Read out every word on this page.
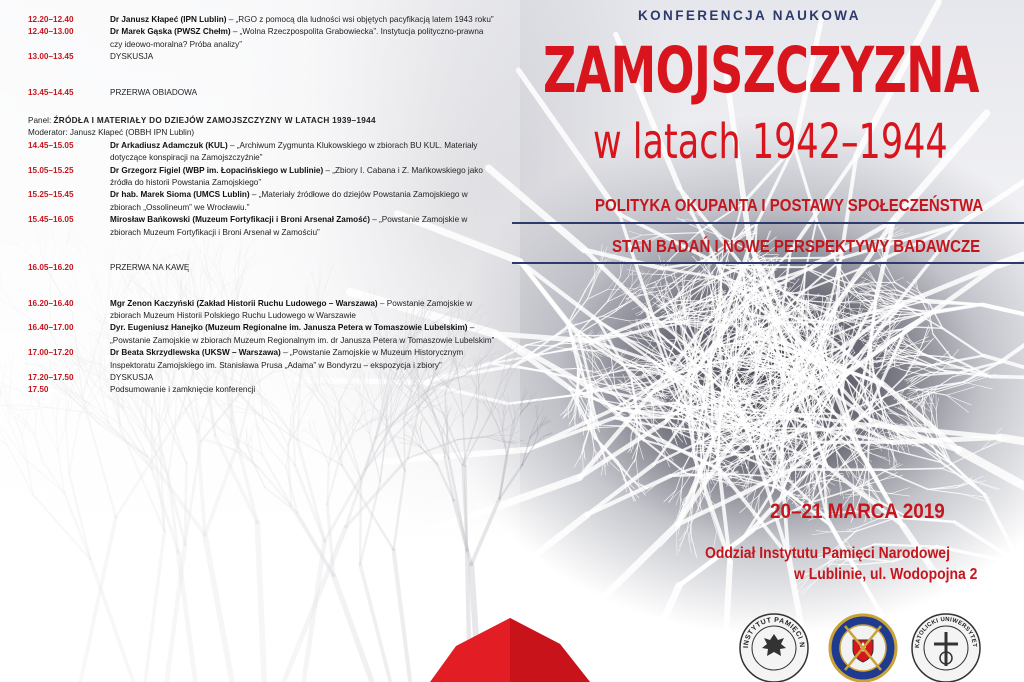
12.20–12.40	Dr Janusz Kłapeć (IPN Lublin) – „RGO z pomocą dla ludności wsi objętych pacyfikacją latem 1943 roku”
12.40–13.00	Dr Marek Gąska (PWSZ Chełm) – „Wolna Rzeczpospolita Grabowiecka”. Instytucja polityczno-prawna czy ideowo-moralna? Próba analizy”
13.00–13.45	DYSKUSJA
13.45–14.45	PRZERWA OBIADOWA
Panel: ŹRÓDŁA I MATERIAŁY DO DZIEJÓW ZAMOJSZCZYZNY W LATACH 1939–1944
Moderator: Janusz Kłapeć (OBBH IPN Lublin)
14.45–15.05	Dr Arkadiusz Adamczuk (KUL) – „Archiwum Zygmunta Klukowskiego w zbiorach BU KUL. Materiały dotyczące konspiracji na Zamojszczyźnie”
15.05–15.25	Dr Grzegorz Figiel (WBP im. Łopacińskiego w Lublinie) – „Zbiory I. Cabana i Z. Mańkowskiego jako źródła do historii Powstania Zamojskiego”
15.25–15.45	Dr hab. Marek Sioma (UMCS Lublin) – „Materiały źródłowe do dziejów Powstania Zamojskiego w zbiorach „Ossolineum” we Wrocławiu.”
15.45–16.05	Mirosław Bańkowski (Muzeum Fortyfikacji i Broni Arsenał Zamość) – „Powstanie Zamojskie w zbiorach Muzeum Fortyfikacji i Broni Arsenał w Zamościu”
16.05–16.20	PRZERWA NA KAWĘ
16.20–16.40	Mgr Zenon Kaczyński (Zakład Historii Ruchu Ludowego – Warszawa) – Powstanie Zamojskie w zbiorach Muzeum Historii Polskiego Ruchu Ludowego w Warszawie
16.40–17.00	Dyr. Eugeniusz Hanejko (Muzeum Regionalne im. Janusza Petera w Tomaszowie Lubelskim) – „Powstanie Zamojskie w zbiorach Muzeum Regionalnym im. dr Janusza Petera w Tomaszowie Lubelskim”
17.00–17.20	Dr Beata Skrzydlewska (UKSW – Warszawa) – „Powstanie Zamojskie w Muzeum Historycznym Inspektoratu Zamojskiego im. Stanisława Prusa „Adama” w Bondyrzu – ekspozycja i zbiory”
17.20–17.50	DYSKUSJA
17.50	Podsumowanie i zamknięcie konferencji
KONFERENCJA NAUKOWA
ZAMOJSZCZYZNA
w latach 1942–1944
POLITYKA OKUPANTA I POSTAWY SPOŁECZEŃSTWA
STAN BADAŃ I NOWE PERSPEKTYWY BADAWCZE
20–21 MARCA 2019
Oddział Instytutu Pamięci Narodowej
w Lublinie, ul. Wodopojna 2
INSTYTUT PAMIĘCI N	KATOLICKI UNIWERSYTET
